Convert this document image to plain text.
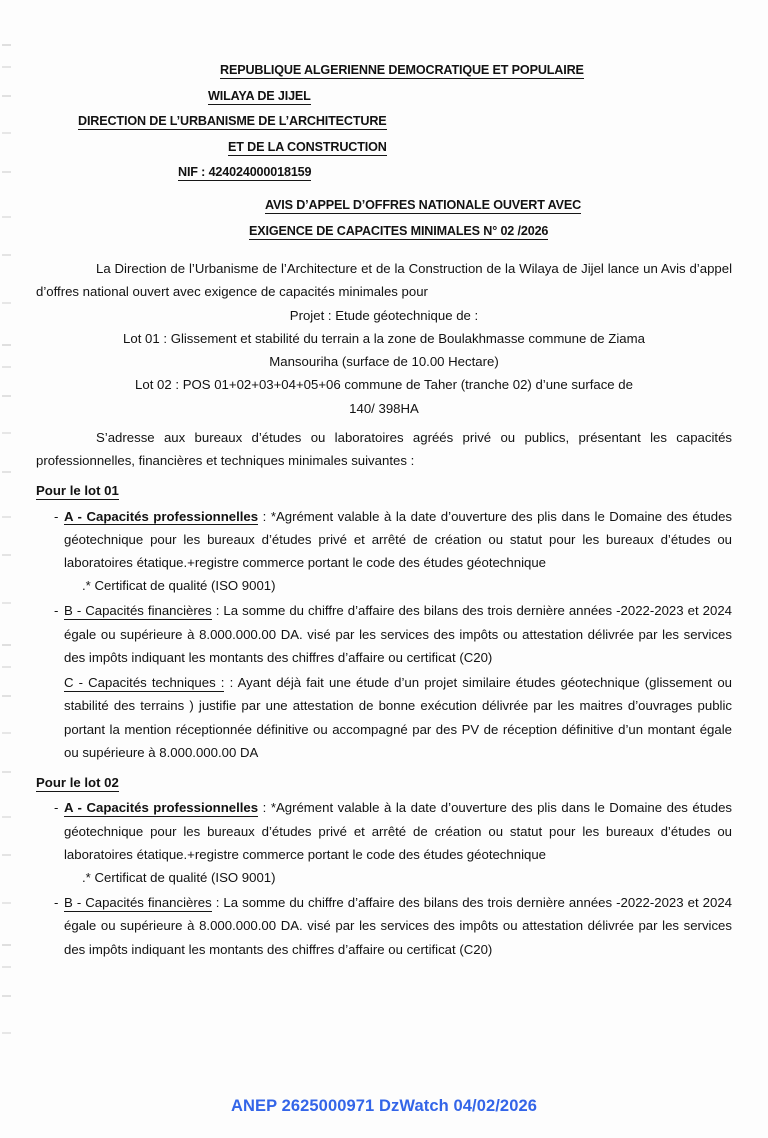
REPUBLIQUE ALGERIENNE DEMOCRATIQUE ET POPULAIRE
WILAYA DE JIJEL
DIRECTION DE L’URBANISME DE L’ARCHITECTURE
ET DE LA CONSTRUCTION
NIF : 424024000018159
AVIS D’APPEL D’OFFRES NATIONALE OUVERT AVEC
EXIGENCE DE CAPACITES MINIMALES N° 02 /2026

La Direction de l’Urbanisme de l’Architecture et de la Construction de la Wilaya de Jijel lance un Avis d’appel d’offres national ouvert avec exigence de capacités minimales pour

Projet : Etude géotechnique de :

Lot 01 : Glissement et stabilité du terrain a la zone de Boulakhmasse commune de Ziama

Mansouriha (surface de 10.00 Hectare)

Lot 02 : POS 01+02+03+04+05+06 commune de Taher (tranche 02) d’une surface de

140/ 398HA

S’adresse aux bureaux d’études ou laboratoires agréés privé ou publics, présentant les capacités professionnelles, financières et techniques minimales suivantes :

Pour le lot 01
- A - Capacités professionnelles : *Agrément valable à la date d’ouverture des plis dans le Domaine des études géotechnique pour les bureaux d’études privé et arrêté de création ou statut pour les bureaux d’études ou laboratoires étatique.+registre commerce portant le code des études géotechnique

.* Certificat de qualité (ISO 9001)

- B - Capacités financières : La somme du chiffre d’affaire des bilans des trois dernière années -2022-2023 et 2024 égale ou supérieure à 8.000.000.00 DA. visé par les services des impôts ou attestation délivrée par les services des impôts indiquant les montants des chiffres d’affaire ou certificat (C20)
C - Capacités techniques : : Ayant déjà fait une étude d’un projet similaire études géotechnique (glissement ou stabilité des terrains ) justifie par une attestation de bonne exécution délivrée par les maitres d’ouvrages public portant la mention réceptionnée définitive ou accompagné par des PV de réception définitive d’un montant égale ou supérieure à 8.000.000.00 DA
Pour le lot 02
- A - Capacités professionnelles : *Agrément valable à la date d’ouverture des plis dans le Domaine des études géotechnique pour les bureaux d’études privé et arrêté de création ou statut pour les bureaux d’études ou laboratoires étatique.+registre commerce portant le code des études géotechnique

.* Certificat de qualité (ISO 9001)

- B - Capacités financières : La somme du chiffre d’affaire des bilans des trois dernière années -2022-2023 et 2024 égale ou supérieure à 8.000.000.00 DA. visé par les services des impôts ou attestation délivrée par les services des impôts indiquant les montants des chiffres d’affaire ou certificat (C20)
ANEP 2625000971 DzWatch 04/02/2026
